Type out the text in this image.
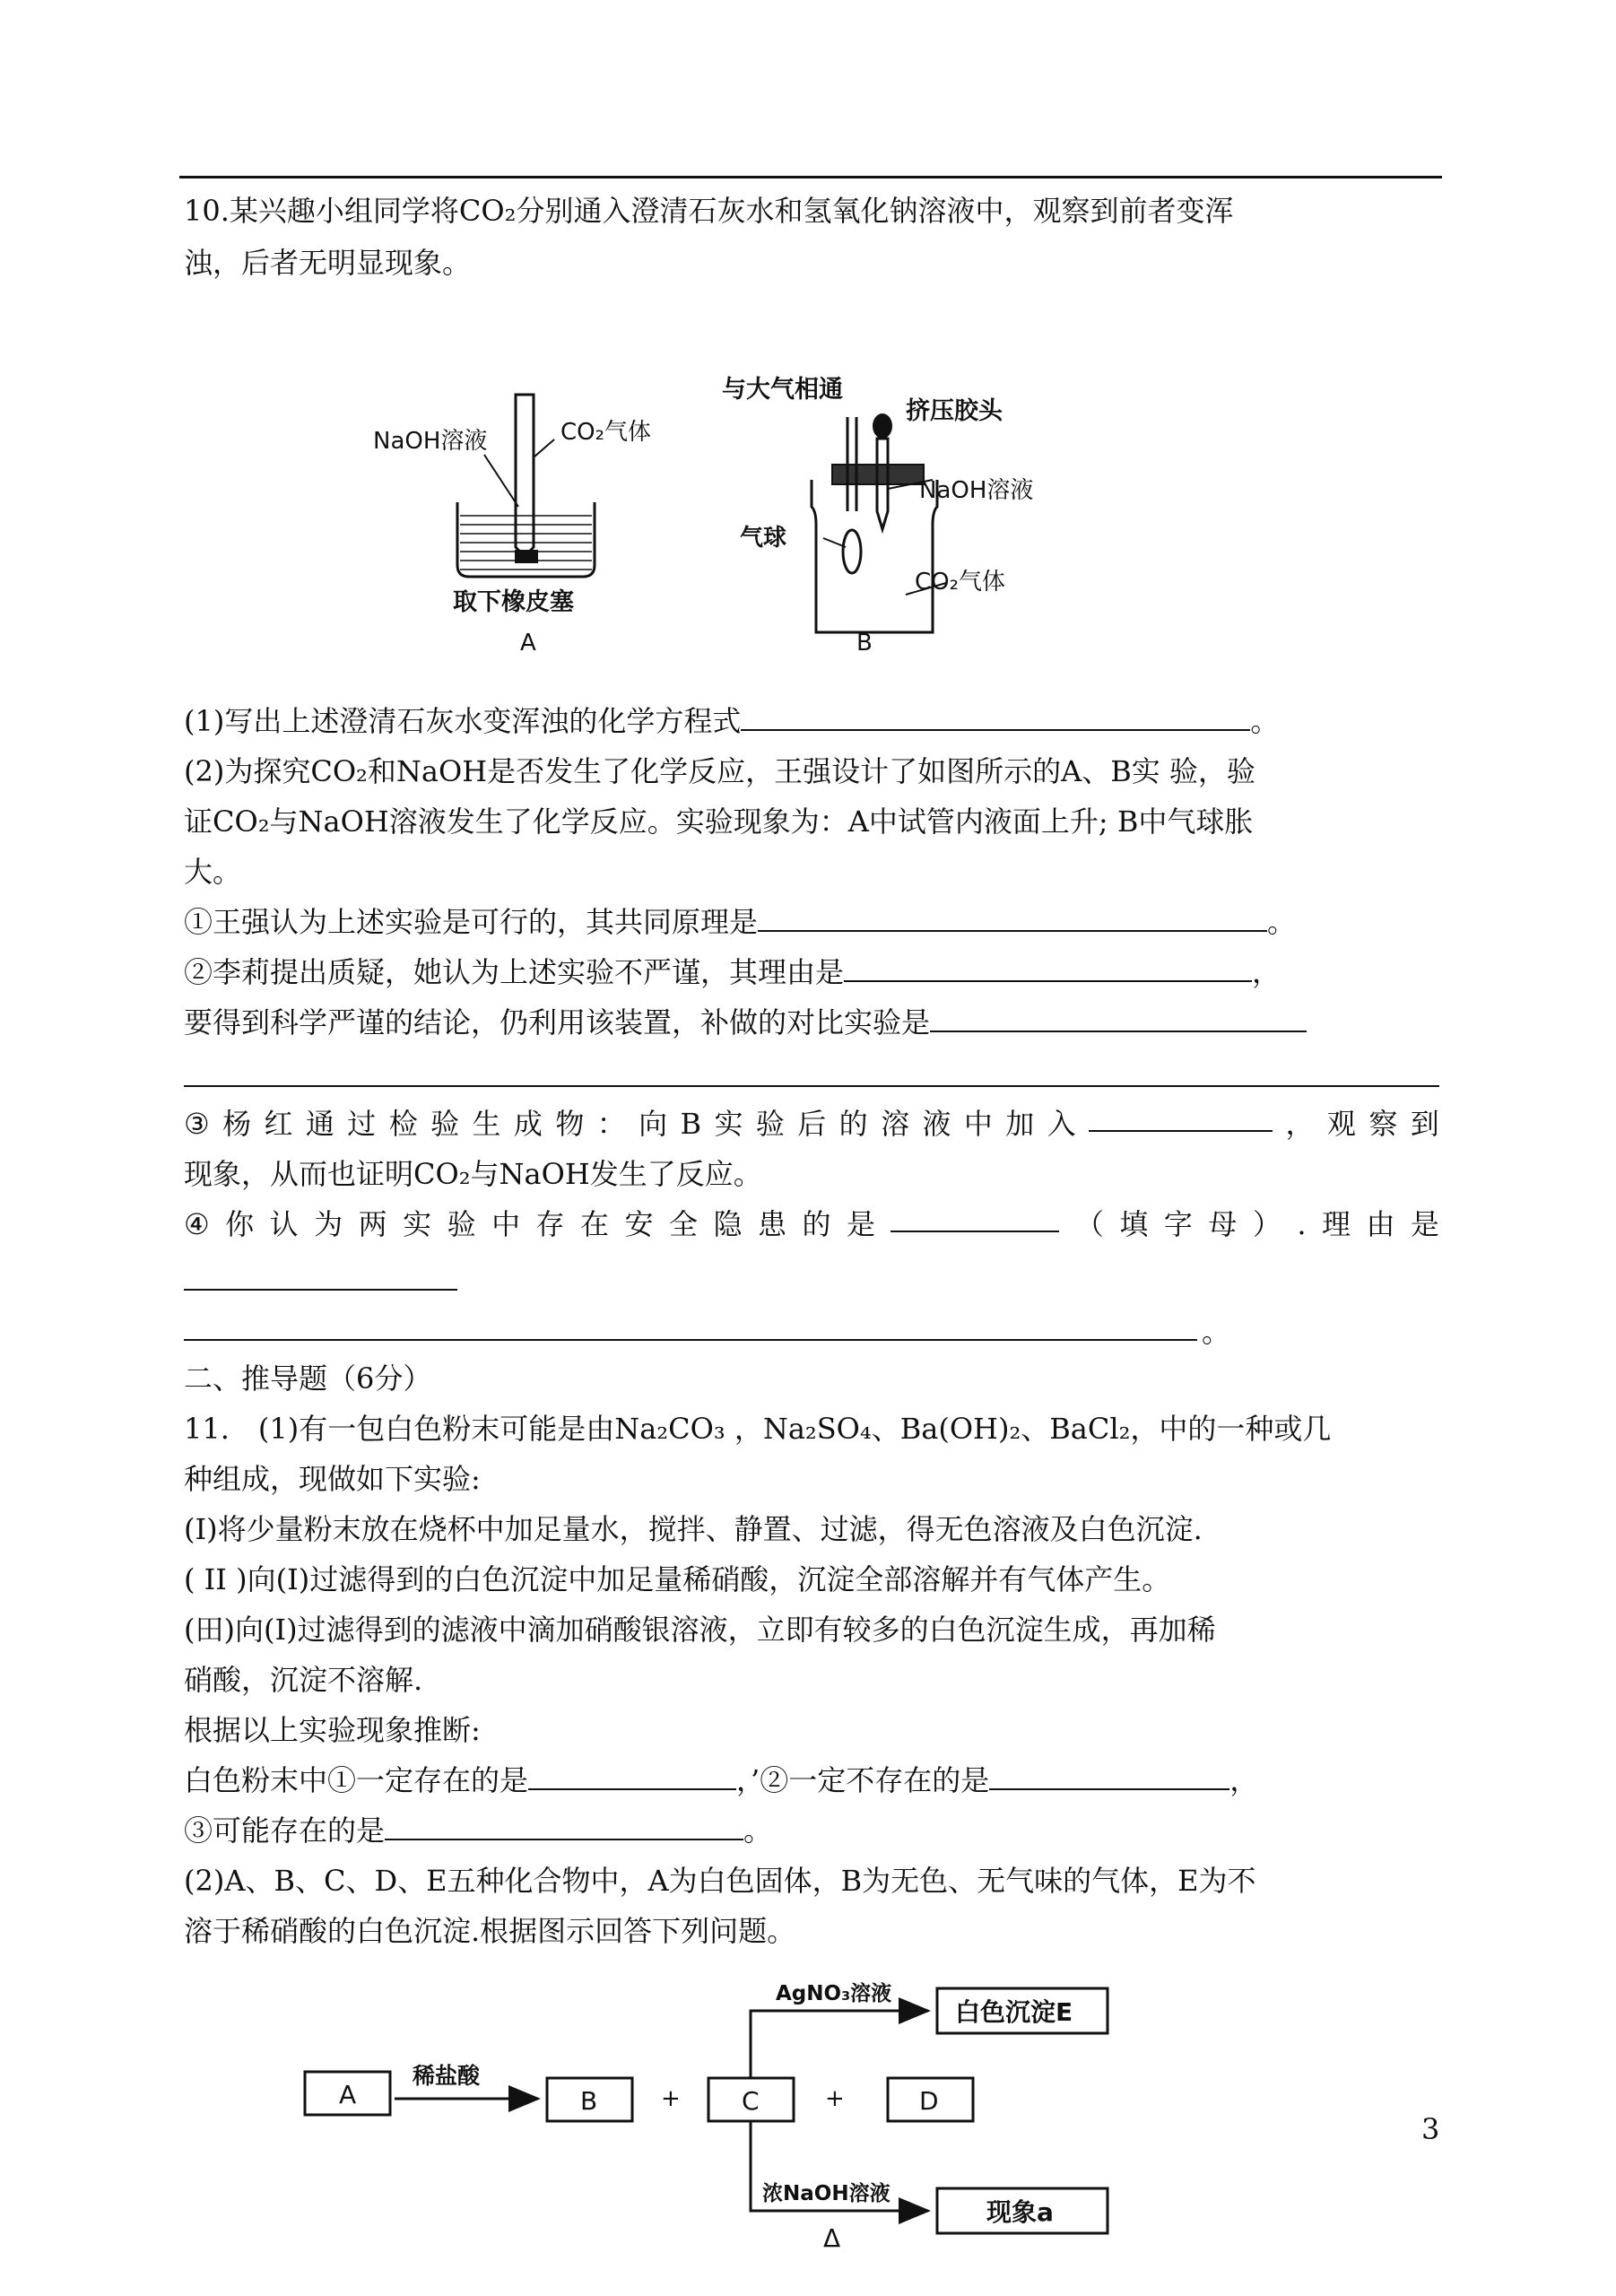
10.某兴趣小组同学将CO₂分别通入澄清石灰水和氢氧化钠溶液中，观察到前者变浑
浊，后者无明显现象。
NaOH溶液	CO₂气体
取下橡皮塞
A
与大气相通
挤压胶头
NaOH溶液
气球
CO₂气体
B
(1)写出上述澄清石灰水变浑浊的化学方程式	。
(2)为探究CO₂和NaOH是否发生了化学反应，王强设计了如图所示的A、B实 验，验
证CO₂与NaOH溶液发生了化学反应。实验现象为：A中试管内液面上升; B中气球胀
大。
①王强认为上述实验是可行的，其共同原理是	。
②李莉提出质疑，她认为上述实验不严谨，其理由是	，
要得到科学严谨的结论，仍利用该装置，补做的对比实验是
③ 杨 红 通 过 检 验 生 成 物 ： 向 B 实 验 后 的 溶 液 中 加 入	， 观 察 到
现象，从而也证明CO₂与NaOH发生了反应。
④ 你 认 为 两 实 验 中 存 在 安 全 隐 患 的 是	（ 填 字 母 ） . 理 由 是
。
二、推导题（6分）
11.　(1)有一包白色粉末可能是由Na₂CO₃ ，Na₂SO₄、Ba(OH)₂、BaCl₂，中的一种或几
种组成，现做如下实验:
(I)将少量粉末放在烧杯中加足量水，搅拌、静置、过滤，得无色溶液及白色沉淀.
( II )向(I)过滤得到的白色沉淀中加足量稀硝酸，沉淀全部溶解并有气体产生。
(田)向(I)过滤得到的滤液中滴加硝酸银溶液，立即有较多的白色沉淀生成，再加稀
硝酸，沉淀不溶解.
根据以上实验现象推断:
白色粉末中①一定存在的是	，’②一定不存在的是	，
③可能存在的是	。
(2)A、B、C、D、E五种化合物中，A为白色固体，B为无色、无气味的气体，E为不
溶于稀硝酸的白色沉淀.根据图示回答下列问题。
A
稀盐酸
B	+ C	+	D
AgNO₃溶液
浓NaOH溶液
Δ
白色沉淀E
现象a
3
